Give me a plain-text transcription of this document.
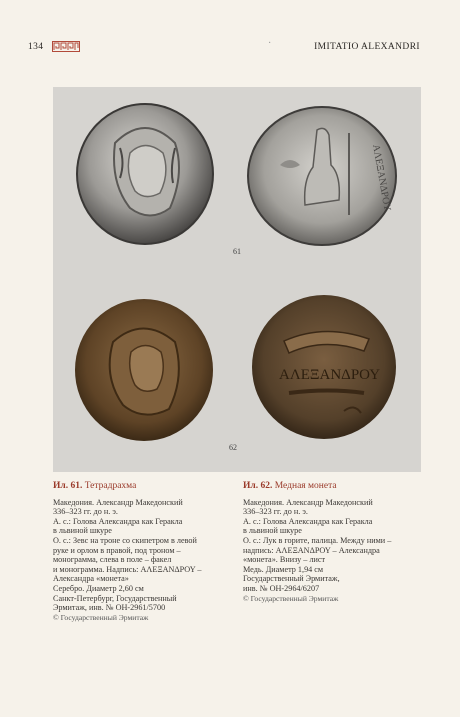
134	·	IMITATIO ALEXANDRI
ΑΛΕΞΑΝΔΡΟΥ
61
ΑΛΕΞΑΝΔΡΟΥ
62
Ил. 61. Тетрадрахма
Македония. Александр Македонский
336–323 гг. до н. э.
А. с.: Голова Александра как Геракла
в львиной шкуре
О. с.: Зевс на троне со скипетром в левой
руке и орлом в правой, под троном –
монограмма, слева в поле – факел
и монограмма. Надпись: ΑΛΕΞΑΝΔΡΟΥ –
Александра «монета»
Серебро. Диаметр 2,60 см
Санкт-Петербург, Государственный
Эрмитаж, инв. № ОН-2961/5700
© Государственный Эрмитаж
Ил. 62. Медная монета
Македония. Александр Македонский
336–323 гг. до н. э.
А. с.: Голова Александра как Геракла
в львиной шкуре
О. с.: Лук в горите, палица. Между ними –
надпись: ΑΛΕΞΑΝΔΡΟΥ – Александра
«монета». Внизу – лист
Медь. Диаметр 1,94 см
Государственный Эрмитаж,
инв. № ОН-2964/6207
© Государственный Эрмитаж
